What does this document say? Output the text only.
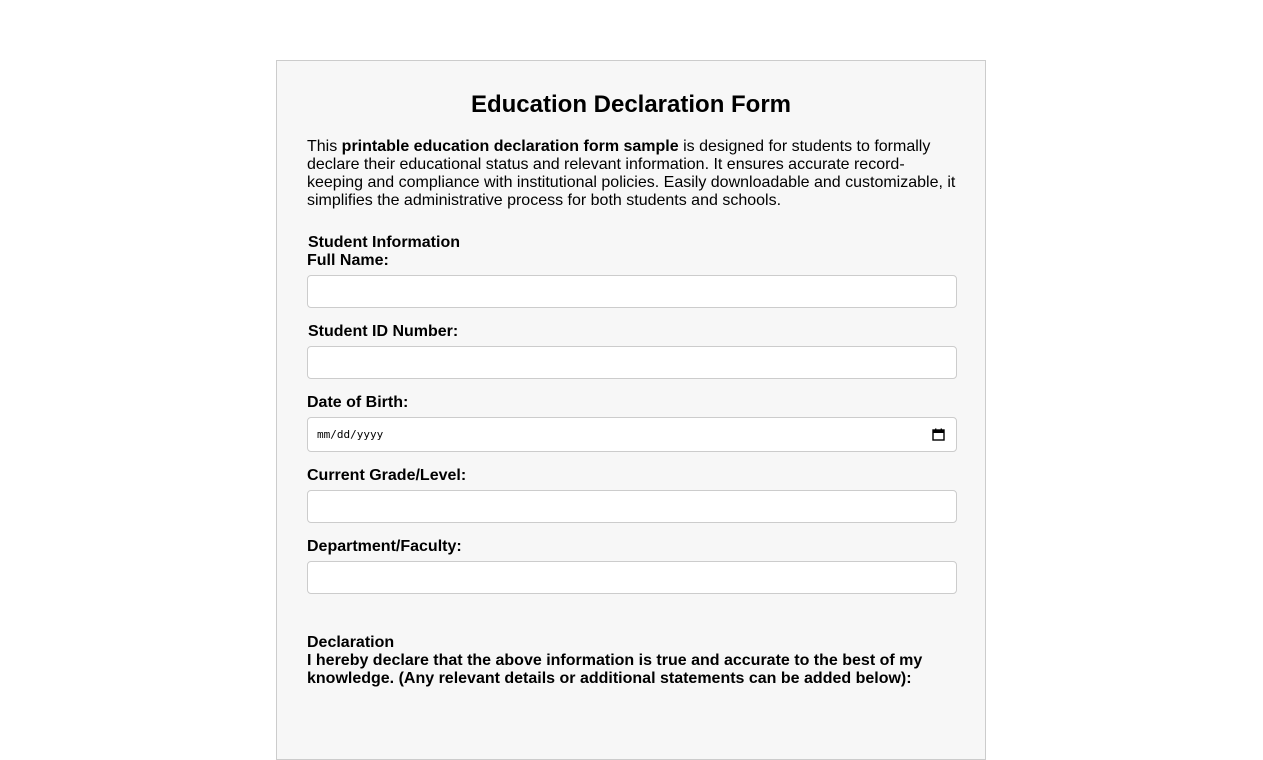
Education Declaration Form

This printable education declaration form sample is designed for students to formally declare their educational status and relevant information. It ensures accurate record-keeping and compliance with institutional policies. Easily downloadable and customizable, it simplifies the administrative process for both students and schools.

Student Information
Full Name:
Student ID Number:
Date of Birth:
mm/dd/yyyy
Current Grade/Level:
Department/Faculty:
Declaration

I hereby declare that the above information is true and accurate to the best of my knowledge. (Any relevant details or additional statements can be added below):
